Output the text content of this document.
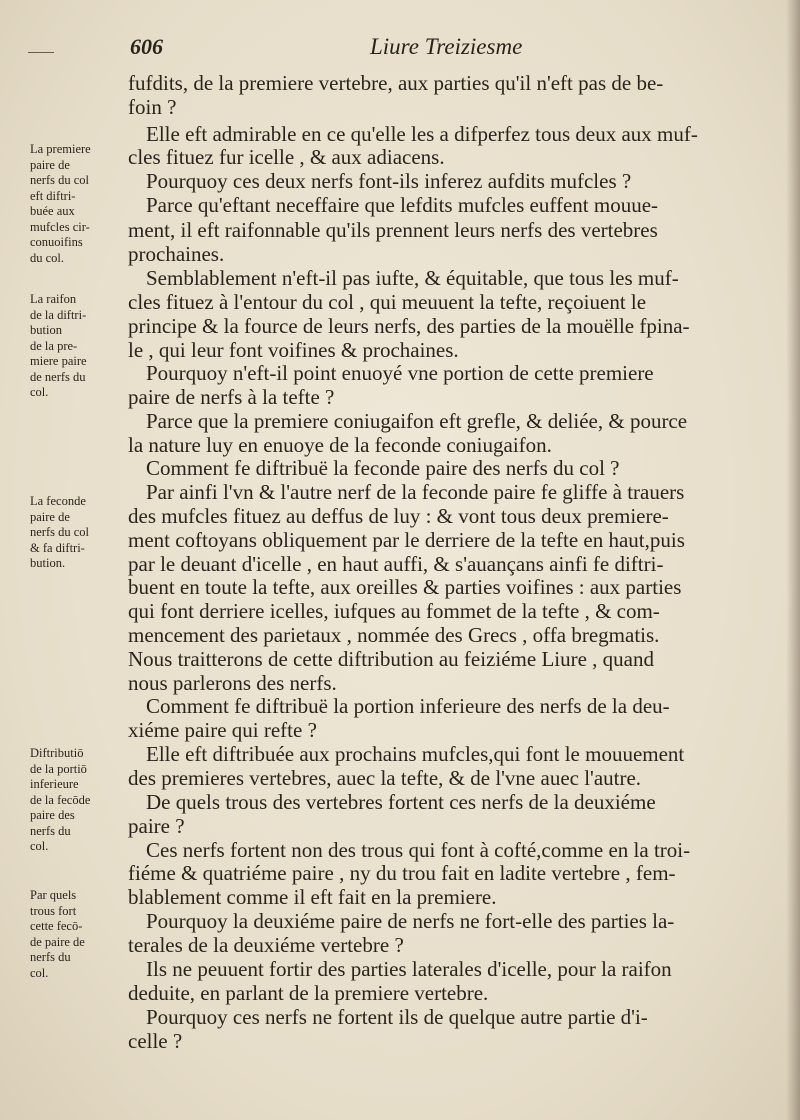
606	Liure Treiziesme
fufdits, de la premiere vertebre, aux parties qu'il n'eft pas de be-
foin ?
Elle eft admirable en ce qu'elle les a difperfez tous deux aux muf-
cles fituez fur icelle , & aux adiacens.
Pourquoy ces deux nerfs font-ils inferez aufdits mufcles ?
Parce qu'eftant neceffaire que lefdits mufcles euffent mouue-
ment, il eft raifonnable qu'ils prennent leurs nerfs des vertebres
prochaines.
Semblablement n'eft-il pas iufte, & équitable, que tous les muf-
cles fituez à l'entour du col , qui meuuent la tefte, reçoiuent le
principe & la fource de leurs nerfs, des parties de la mouëlle fpina-
le , qui leur font voifines & prochaines.
Pourquoy n'eft-il point enuoyé vne portion de cette premiere
paire de nerfs à la tefte ?
Parce que la premiere coniugaifon eft grefle, & deliée, & pource
la nature luy en enuoye de la feconde coniugaifon.
Comment fe diftribuë la feconde paire des nerfs du col ?
Par ainfi l'vn & l'autre nerf de la feconde paire fe gliffe à trauers
des mufcles fituez au deffus de luy : & vont tous deux premiere-
ment coftoyans obliquement par le derriere de la tefte en haut,puis
par le deuant d'icelle , en haut auffi, & s'auançans ainfi fe diftri-
buent en toute la tefte, aux oreilles & parties voifines : aux parties
qui font derriere icelles, iufques au fommet de la tefte , & com-
mencement des parietaux , nommée des Grecs , offa bregmatis.
Nous traitterons de cette diftribution au feiziéme Liure , quand
nous parlerons des nerfs.
Comment fe diftribuë la portion inferieure des nerfs de la deu-
xiéme paire qui refte ?
Elle eft diftribuée aux prochains mufcles,qui font le mouuement
des premieres vertebres, auec la tefte, & de l'vne auec l'autre.
De quels trous des vertebres fortent ces nerfs de la deuxiéme
paire ?
Ces nerfs fortent non des trous qui font à cofté,comme en la troi-
fiéme & quatriéme paire , ny du trou fait en ladite vertebre , fem-
blablement comme il eft fait en la premiere.
Pourquoy la deuxiéme paire de nerfs ne fort-elle des parties la-
terales de la deuxiéme vertebre ?
Ils ne peuuent fortir des parties laterales d'icelle, pour la raifon
deduite, en parlant de la premiere vertebre.
Pourquoy ces nerfs ne fortent ils de quelque autre partie d'i-
celle ?
La premiere
paire de
nerfs du col
eft diftri-
buée aux
mufcles cir-
conuoifins
du col.
La raifon
de la diftri-
bution
de la pre-
miere paire
de nerfs du
col.
La feconde
paire de
nerfs du col
& fa diftri-
bution.
Diftributiō
de la portiō
inferieure
de la fecōde
paire des
nerfs du
col.
Par quels
trous fort
cette fecō-
de paire de
nerfs du
col.
